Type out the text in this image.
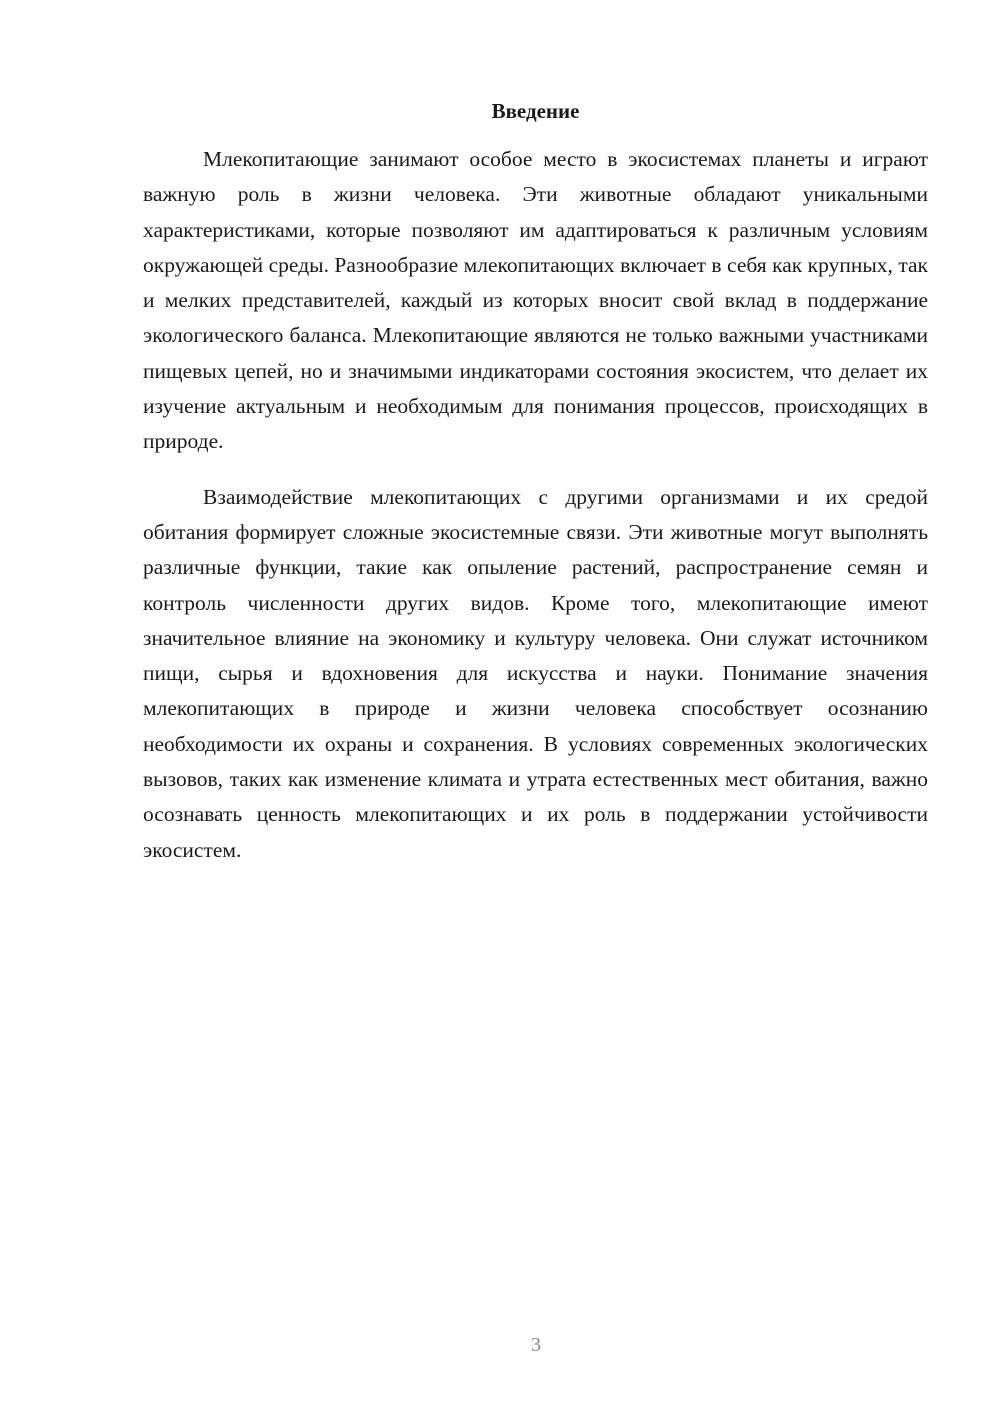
Введение

Млекопитающие занимают особое место в экосистемах планеты и играют важную роль в жизни человека. Эти животные обладают уникальными характеристиками, которые позволяют им адаптироваться к различным условиям окружающей среды. Разнообразие млекопитающих включает в себя как крупных, так и мелких представителей, каждый из которых вносит свой вклад в поддержание экологического баланса. Млекопитающие являются не только важными участниками пищевых цепей, но и значимыми индикаторами состояния экосистем, что делает их изучение актуальным и необходимым для понимания процессов, происходящих в природе.

Взаимодействие млекопитающих с другими организмами и их средой обитания формирует сложные экосистемные связи. Эти животные могут выполнять различные функции, такие как опыление растений, распространение семян и контроль численности других видов. Кроме того, млекопитающие имеют значительное влияние на экономику и культуру человека. Они служат источником пищи, сырья и вдохновения для искусства и науки. Понимание значения млекопитающих в природе и жизни человека способствует осознанию необходимости их охраны и сохранения. В условиях современных экологических вызовов, таких как изменение климата и утрата естественных мест обитания, важно осознавать ценность млекопитающих и их роль в поддержании устойчивости экосистем.

3
